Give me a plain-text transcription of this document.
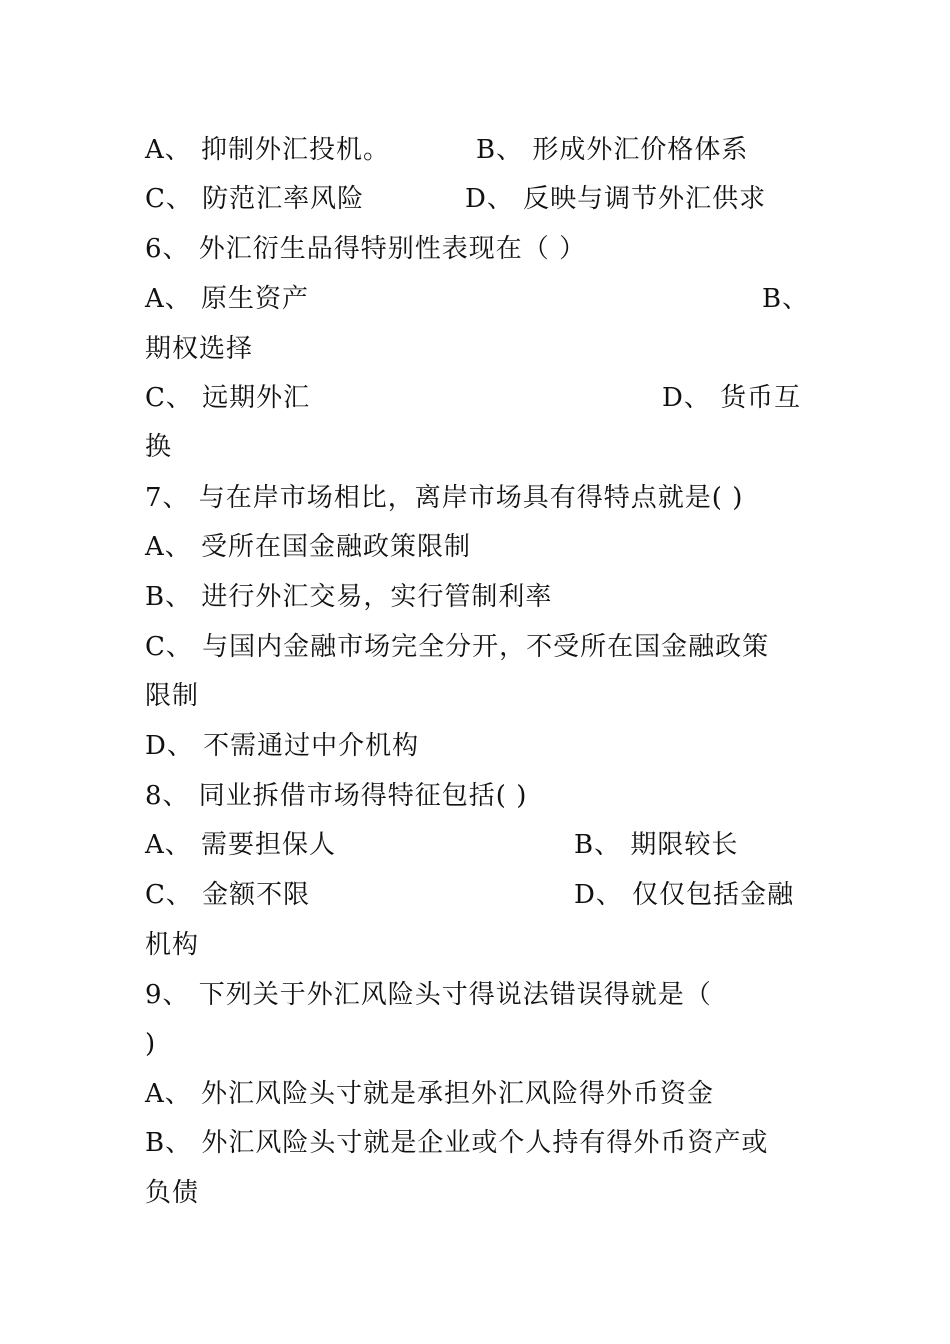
A、 抑制外汇投机。	B、 形成外汇价格体系
C、 防范汇率风险	D、 反映与调节外汇供求
6、 外汇衍生品得特别性表现在（ ）
A、 原生资产	B、
期权选择
C、 远期外汇	D、 货币互
换
7、 与在岸市场相比，离岸市场具有得特点就是( )
A、 受所在国金融政策限制
B、 进行外汇交易，实行管制利率
C、 与国内金融市场完全分开，不受所在国金融政策
限制
D、 不需通过中介机构
8、 同业拆借市场得特征包括( )
A、 需要担保人	B、 期限较长
C、 金额不限	D、 仅仅包括金融
机构
9、 下列关于外汇风险头寸得说法错误得就是（
)
A、 外汇风险头寸就是承担外汇风险得外币资金
B、 外汇风险头寸就是企业或个人持有得外币资产或
负债
